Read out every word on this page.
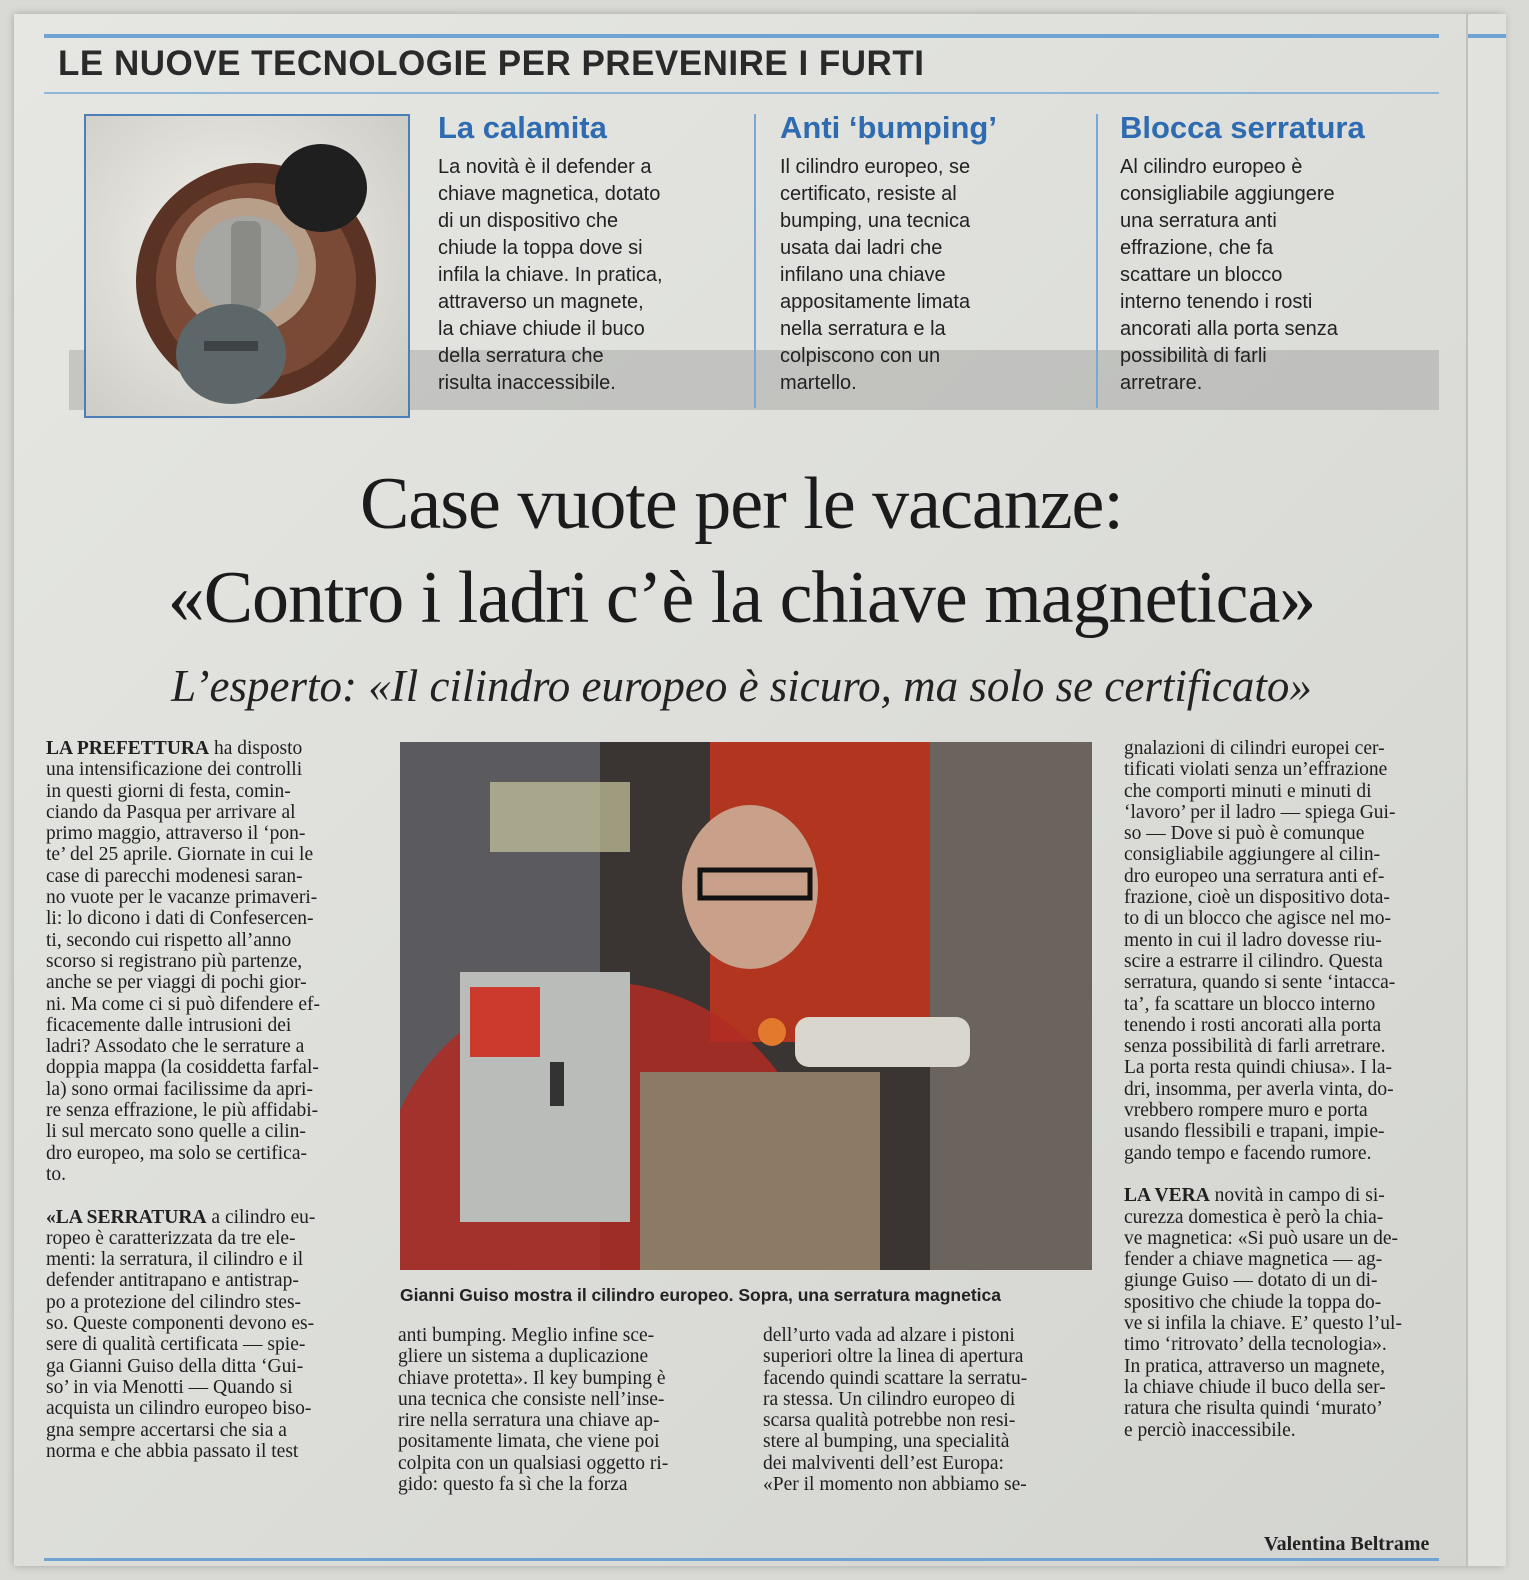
LE NUOVE TECNOLOGIE PER PREVENIRE I FURTI
La calamita

La novità è il defender a
chiave magnetica, dotato
di un dispositivo che
chiude la toppa dove si
infila la chiave. In pratica,
attraverso un magnete,
la chiave chiude il buco
della serratura che
risulta inaccessibile.

Anti ‘bumping’

Il cilindro europeo, se
certificato, resiste al
bumping, una tecnica
usata dai ladri che
infilano una chiave
appositamente limata
nella serratura e la
colpiscono con un
martello.

Blocca serratura

Al cilindro europeo è
consigliabile aggiungere
una serratura anti
effrazione, che fa
scattare un blocco
interno tenendo i rosti
ancorati alla porta senza
possibilità di farli
arretrare.

Case vuote per le vacanze:
«Contro i ladri c’è la chiave magnetica»
L’esperto: «Il cilindro europeo è sicuro, ma solo se certificato»
LA PREFETTURA ha disposto
una intensificazione dei controlli
in questi giorni di festa, comin-
ciando da Pasqua per arrivare al
primo maggio, attraverso il ‘pon-
te’ del 25 aprile. Giornate in cui le
case di parecchi modenesi saran-
no vuote per le vacanze primaveri-
li: lo dicono i dati di Confesercen-
ti, secondo cui rispetto all’anno
scorso si registrano più partenze,
anche se per viaggi di pochi gior-
ni. Ma come ci si può difendere ef-
ficacemente dalle intrusioni dei
ladri? Assodato che le serrature a
doppia mappa (la cosiddetta farfal-
la) sono ormai facilissime da apri-
re senza effrazione, le più affidabi-
li sul mercato sono quelle a cilin-
dro europeo, ma solo se certifica-
to.

«LA SERRATURA a cilindro eu-
ropeo è caratterizzata da tre ele-
menti: la serratura, il cilindro e il
defender antitrapano e antistrap-
po a protezione del cilindro stes-
so. Queste componenti devono es-
sere di qualità certificata — spie-
ga Gianni Guiso della ditta ‘Gui-
so’ in via Menotti — Quando si
acquista un cilindro europeo biso-
gna sempre accertarsi che sia a
norma e che abbia passato il test
Gianni Guiso mostra il cilindro europeo. Sopra, una serratura magnetica
anti bumping. Meglio infine sce-
gliere un sistema a duplicazione
chiave protetta». Il key bumping è
una tecnica che consiste nell’inse-
rire nella serratura una chiave ap-
positamente limata, che viene poi
colpita con un qualsiasi oggetto ri-
gido: questo fa sì che la forza
dell’urto vada ad alzare i pistoni
superiori oltre la linea di apertura
facendo quindi scattare la serratu-
ra stessa. Un cilindro europeo di
scarsa qualità potrebbe non resi-
stere al bumping, una specialità
dei malviventi dell’est Europa:
«Per il momento non abbiamo se-
gnalazioni di cilindri europei cer-
tificati violati senza un’effrazione
che comporti minuti e minuti di
‘lavoro’ per il ladro — spiega Gui-
so — Dove si può è comunque
consigliabile aggiungere al cilin-
dro europeo una serratura anti ef-
frazione, cioè un dispositivo dota-
to di un blocco che agisce nel mo-
mento in cui il ladro dovesse riu-
scire a estrarre il cilindro. Questa
serratura, quando si sente ‘intacca-
ta’, fa scattare un blocco interno
tenendo i rosti ancorati alla porta
senza possibilità di farli arretrare.
La porta resta quindi chiusa». I la-
dri, insomma, per averla vinta, do-
vrebbero rompere muro e porta
usando flessibili e trapani, impie-
gando tempo e facendo rumore.

LA VERA novità in campo di si-
curezza domestica è però la chia-
ve magnetica: «Si può usare un de-
fender a chiave magnetica — ag-
giunge Guiso — dotato di un di-
spositivo che chiude la toppa do-
ve si infila la chiave. E’ questo l’ul-
timo ‘ritrovato’ della tecnologia».
In pratica, attraverso un magnete,
la chiave chiude il buco della ser-
ratura che risulta quindi ‘murato’
e perciò inaccessibile.
Valentina Beltrame
